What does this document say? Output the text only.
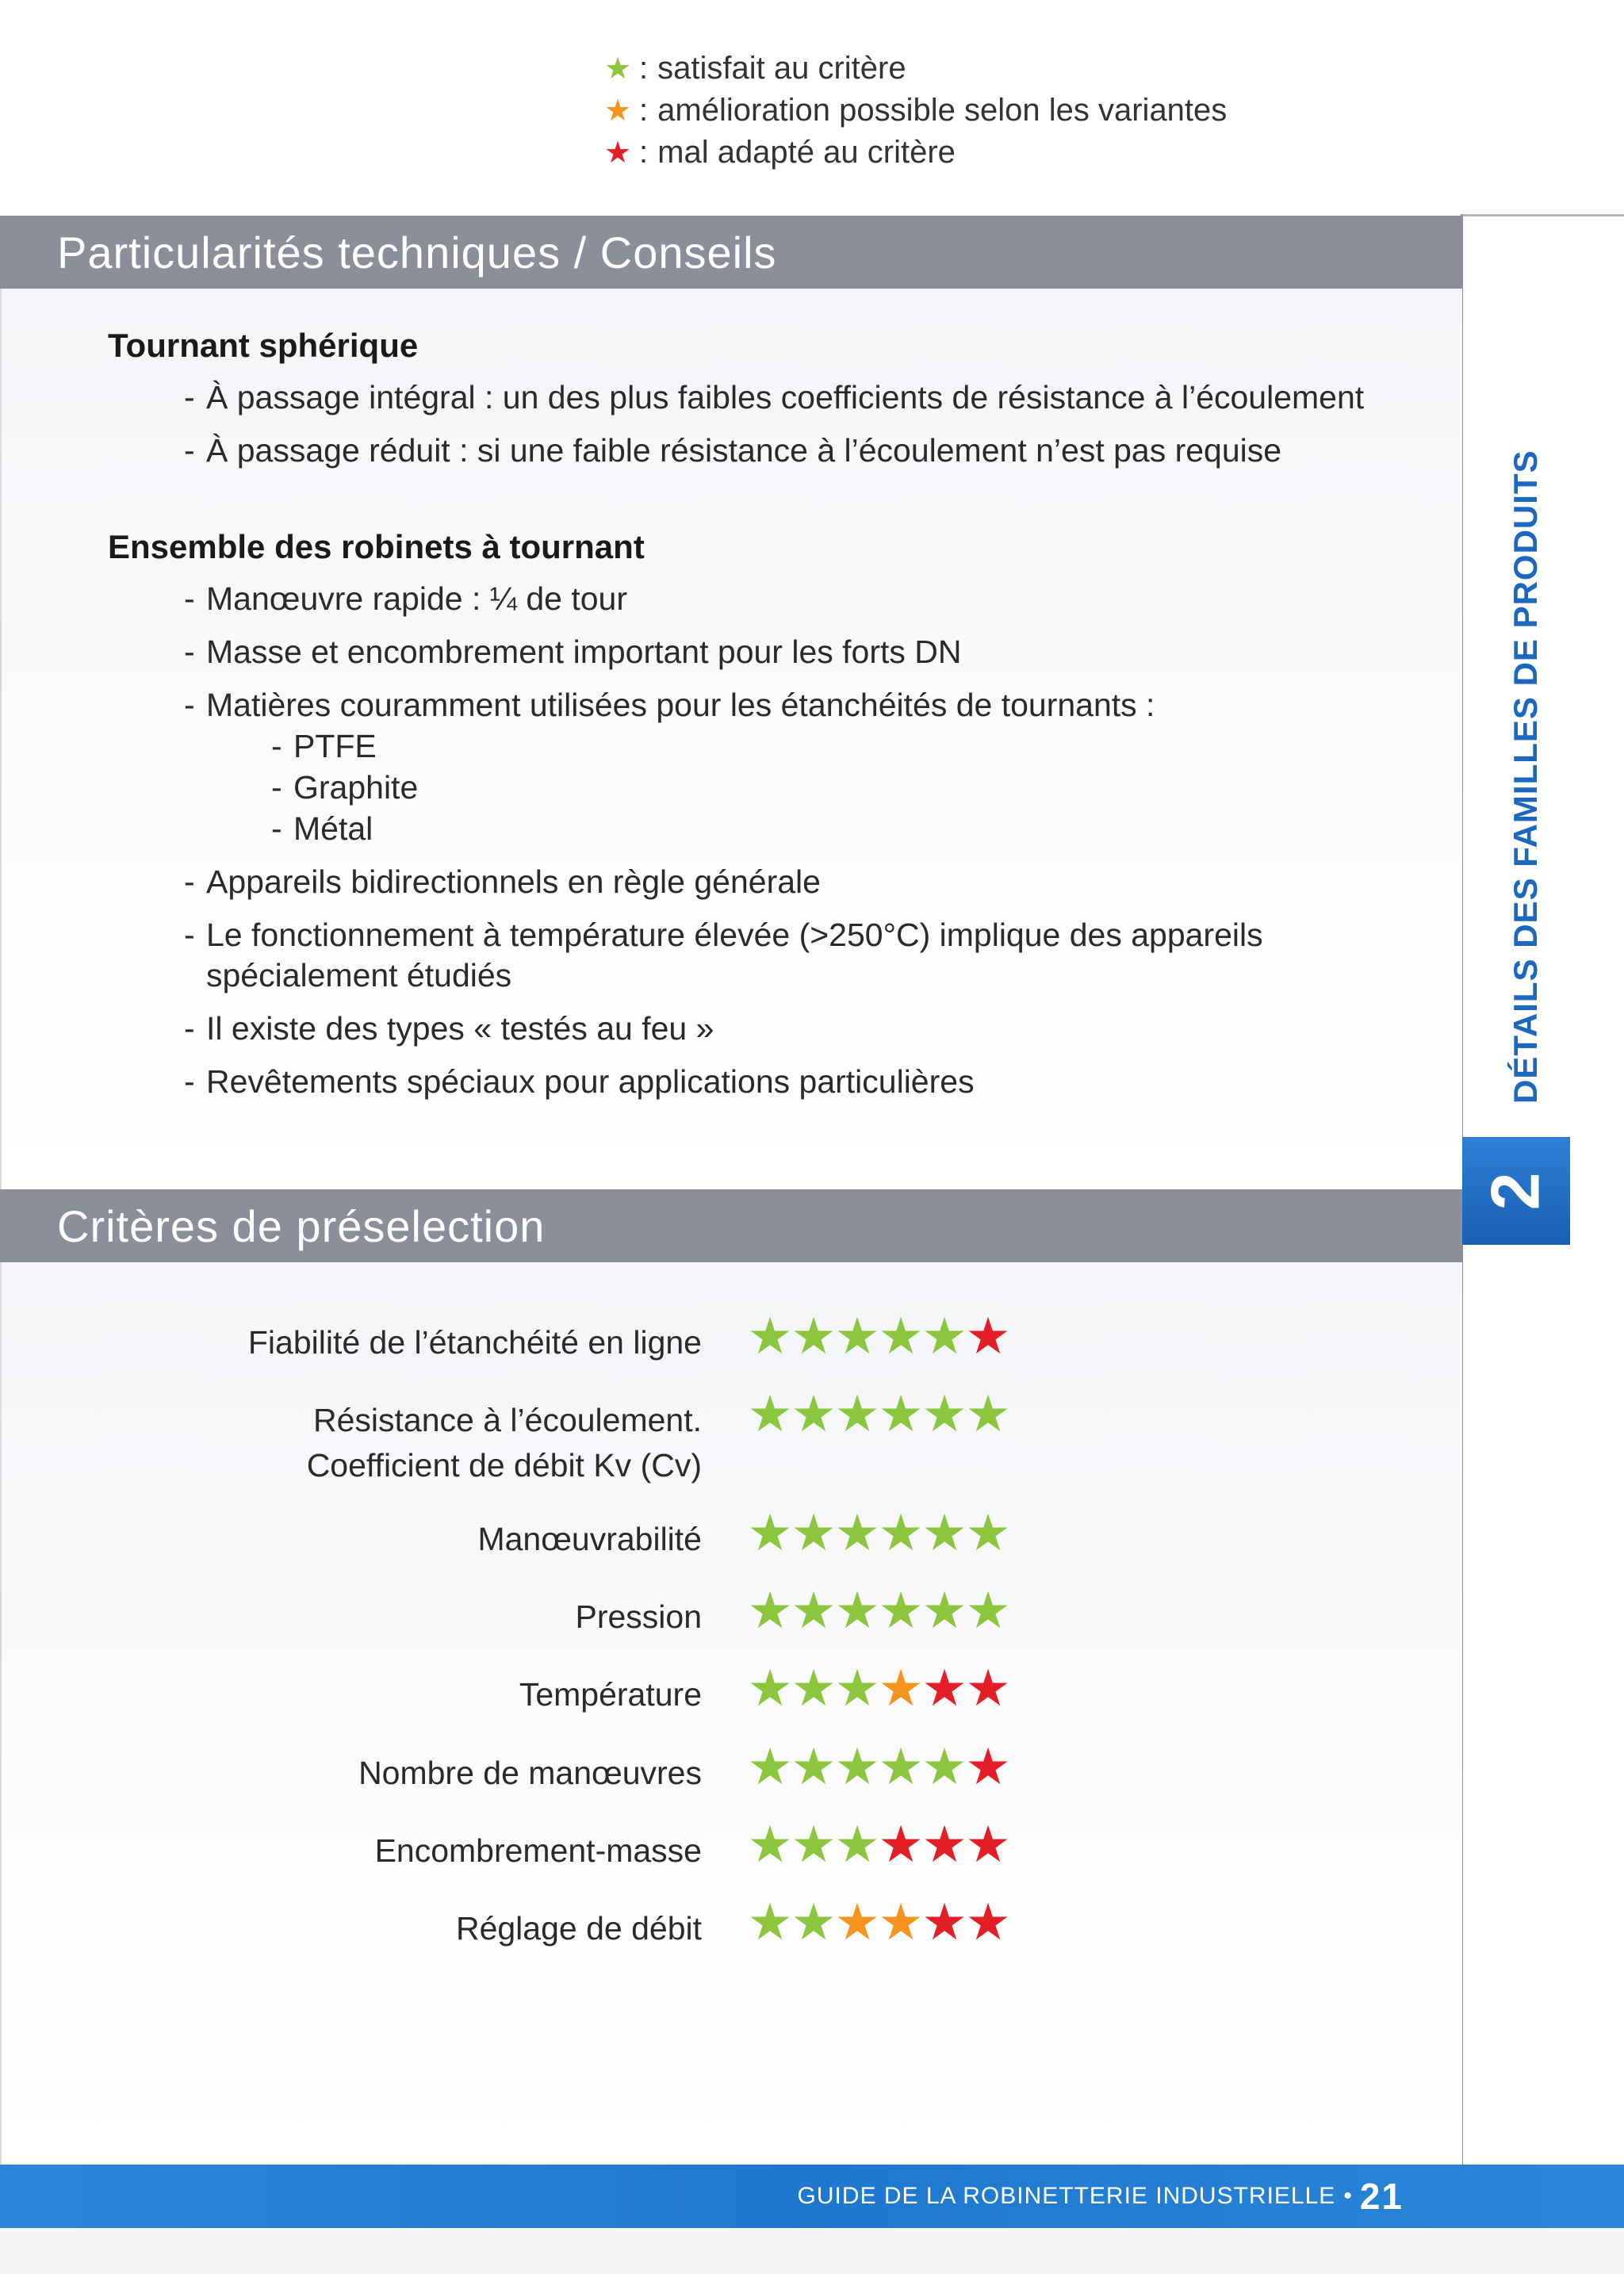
★ : satisfait au critère
★ : amélioration possible selon les variantes
★ : mal adapté au critère
DÉTAILS DES FAMILLES DE PRODUITS
2
Particularités techniques / Conseils
Tournant sphérique
- À passage intégral : un des plus faibles coefficients de résistance à l’écoulement
- À passage réduit : si une faible résistance à l’écoulement n’est pas requise
Ensemble des robinets à tournant
- Manœuvre rapide : ¼ de tour
- Masse et encombrement important pour les forts DN
- Matières couramment utilisées pour les étanchéités de tournants :
- PTFE
- Graphite
- Métal
- Appareils bidirectionnels en règle générale
- Le fonctionnement à température élevée (>250°C) implique des appareils spécialement étudiés
- Il existe des types « testés au feu »
- Revêtements spéciaux pour applications particulières
Critères de préselection
Fiabilité de l’étanchéité en ligne ★★★★★★
Résistance à l’écoulement.
Coefficient de débit Kv (Cv)
★★★★★★
Manœuvrabilité ★★★★★★
Pression ★★★★★★
Température ★★★★★★
Nombre de manœuvres ★★★★★★
Encombrement-masse ★★★★★★
Réglage de débit ★★★★★★
GUIDE DE LA ROBINETTERIE INDUSTRIELLE • 21
